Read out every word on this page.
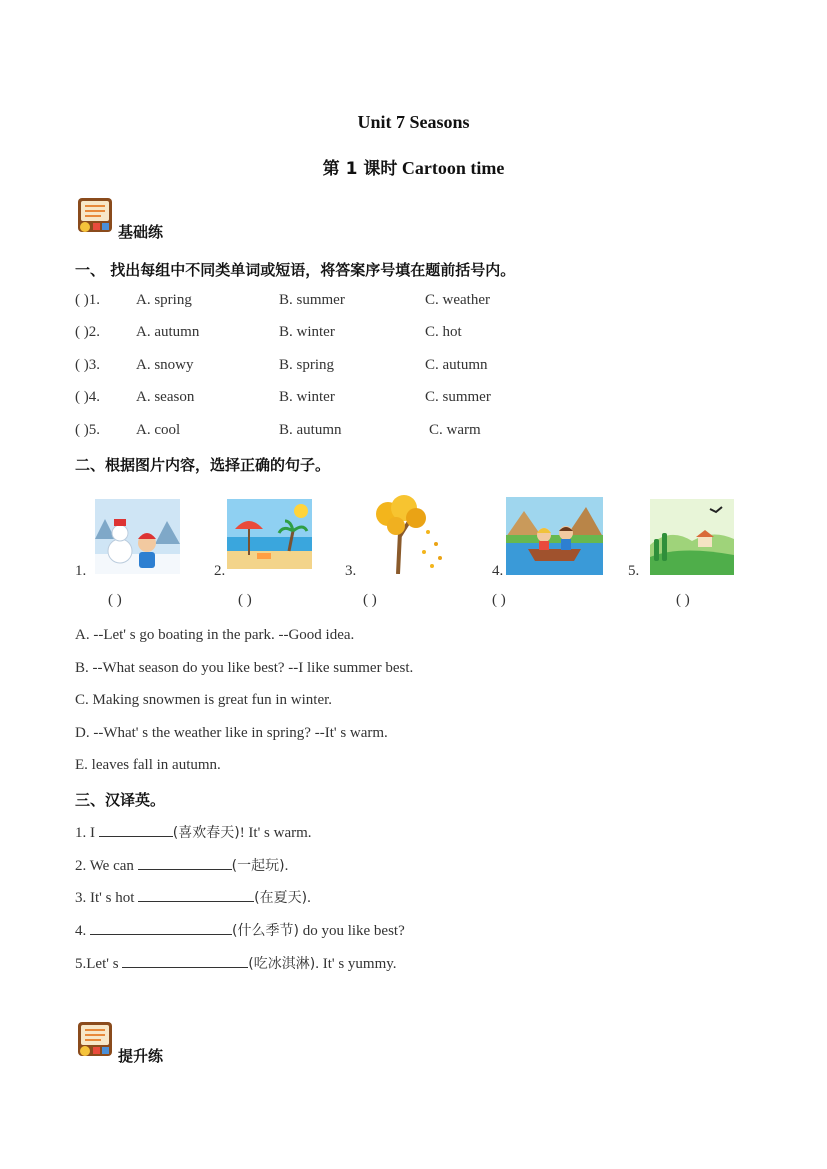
Unit 7 Seasons
第 1 课时 Cartoon time
基础练
一、 找出每组中不同类单词或短语，将答案序号填在题前括号内。
( )1. A. spring	B. summer	C. weather
( )2. A. autumn	B. winter	C. hot
( )3. A. snowy	B. spring	C. autumn
( )4. A. season	B. winter	C. summer
( )5. A. cool	B. autumn	C. warm
二、根据图片内容，选择正确的句子。
1.
( )
2.
( )
3.
( )
4.
( )
5.
( )
A. --Let' s go boating in the park. --Good idea.
B. --What season do you like best? --I like summer best.
C. Making snowmen is great fun in winter.
D. --What' s the weather like in spring? --It' s warm.
E. leaves fall in autumn.
三、汉译英。
1. I	(喜欢春天)! It' s warm.
2. We can	(一起玩).
3. It' s hot	(在夏天).
4.	(什么季节) do you like best?
5.Let' s	(吃冰淇淋). It' s yummy.
提升练
